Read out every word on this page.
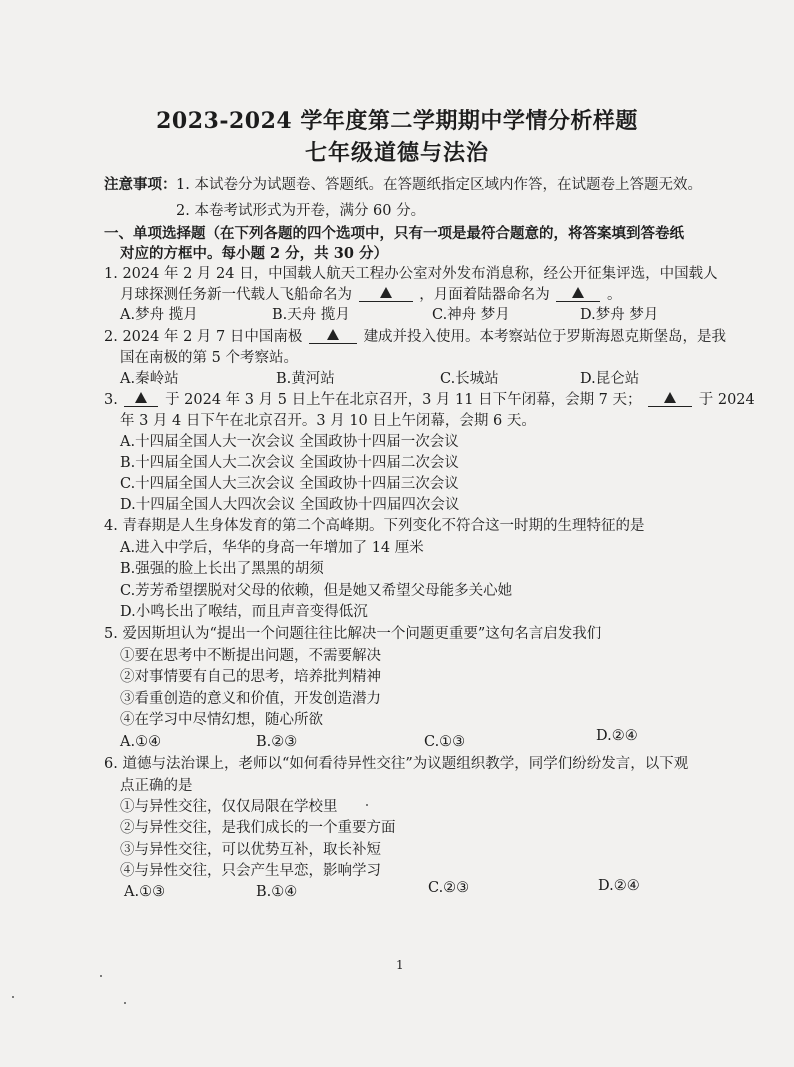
2023-2024 学年度第二学期期中学情分析样题
七年级道德与法治
注意事项： 1. 本试卷分为试题卷、答题纸。在答题纸指定区域内作答，在试题卷上答题无效。
2. 本卷考试形式为开卷，满分 60 分。
一、单项选择题（在下列各题的四个选项中，只有一项是最符合题意的，将答案填到答卷纸
对应的方框中。每小题 2 分，共 30 分）
1. 2024 年 2 月 24 日，中国载人航天工程办公室对外发布消息称，经公开征集评选，中国载人
月球探测任务新一代载人飞船命名为	，月面着陆器命名为	。
A.梦舟 揽月	B.天舟 揽月	C.神舟 梦月	D.梦舟 梦月
2. 2024 年 2 月 7 日中国南极	建成并投入使用。本考察站位于罗斯海恩克斯堡岛，是我
国在南极的第 5 个考察站。
A.秦岭站	B.黄河站	C.长城站	D.昆仑站
3.	于 2024 年 3 月 5 日上午在北京召开，3 月 11 日下午闭幕，会期 7 天；	于 2024
年 3 月 4 日下午在北京召开。3 月 10 日上午闭幕，会期 6 天。
A.十四届全国人大一次会议 全国政协十四届一次会议
B.十四届全国人大二次会议 全国政协十四届二次会议
C.十四届全国人大三次会议 全国政协十四届三次会议
D.十四届全国人大四次会议 全国政协十四届四次会议
4. 青春期是人生身体发育的第二个高峰期。下列变化不符合这一时期的生理特征的是
A.进入中学后，华华的身高一年增加了 14 厘米
B.强强的脸上长出了黑黑的胡须
C.芳芳希望摆脱对父母的依赖，但是她又希望父母能多关心她
D.小鸣长出了喉结，而且声音变得低沉
5. 爱因斯坦认为“提出一个问题往往比解决一个问题更重要”这句名言启发我们
①要在思考中不断提出问题，不需要解决
②对事情要有自己的思考，培养批判精神
③看重创造的意义和价值，开发创造潜力
④在学习中尽情幻想，随心所欲
A.①④	B.②③	C.①③	D.②④
6. 道德与法治课上，老师以“如何看待异性交往”为议题组织教学，同学们纷纷发言，以下观
点正确的是
①与异性交往，仅仅局限在学校里
②与异性交往，是我们成长的一个重要方面
③与异性交往，可以优势互补，取长补短
④与异性交往，只会产生早恋，影响学习
A.①③	B.①④	C.②③	D.②④
1
